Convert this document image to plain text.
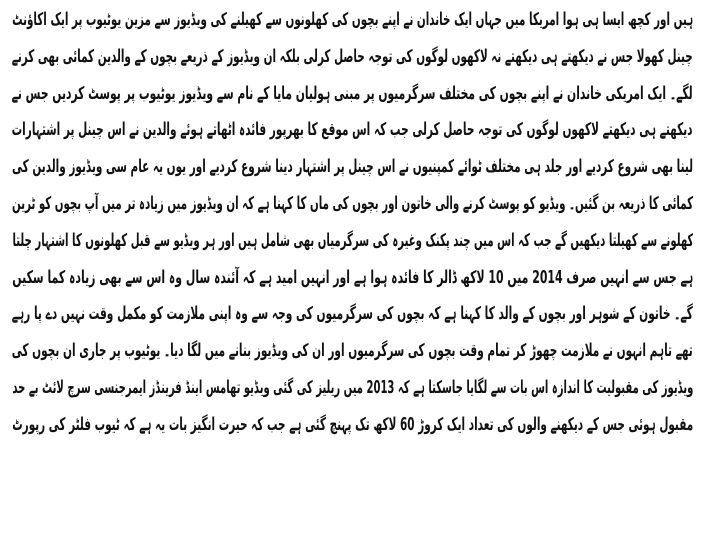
ہیں اور کچھ ایسا ہی ہوا امریکا میں جہاں ایک خاندان نے اپنے بچوں کی کھلونوں سے کھیلنے کی ویڈیوز سے مزین یوٹیوب پر ایک اکاؤنٹ
چینل کھولا جس نے دیکھتے ہی دیکھتے نہ لاکھوں لوگوں کی توجہ حاصل کرلی بلکہ ان ویڈیوز کے ذریعے بچوں کے والدین کمائی بھی کرنے
لگے۔ ایک امریکی خاندان نے اپنے بچوں کی مختلف سرگرمیوں پر مبنی ہولیان مایا کے نام سے ویڈیوز یوٹیوب پر پوسٹ کردیں جس نے
دیکھتے ہی دیکھتے لاکھوں لوگوں کی توجہ حاصل کرلی جب کہ اس موقع کا بھرپور فائدہ اٹھاتے ہوئے والدین نے اس چینل پر اشتہارات
لینا بھی شروع کردیے اور جلد ہی مختلف ٹوائے کمپنیوں نے اس چینل پر اشتہار دینا شروع کردیے اور یوں یہ عام سی ویڈیوز والدین کی
کمائی کا ذریعہ بن گئیں۔ ویڈیو کو پوسٹ کرنے والی خاتون اور بچوں کی ماں کا کہنا ہے کہ ان ویڈیوز میں زیادہ تر میں آپ بچوں کو ٹرین
کھلونے سے کھیلتا دیکھیں گے جب کہ اس میں چند پکنک وغیرہ کی سرگرمیاں بھی شامل ہیں اور ہر ویڈیو سے قبل کھلونوں کا اشتہار چلتا
ہے جس سے انہیں صرف 2014 میں 10 لاکھ ڈالر کا فائدہ ہوا ہے اور انہیں امید ہے کہ آئندہ سال وہ اس سے بھی زیادہ کما سکیں
گے۔ خاتون کے شوہر اور بچوں کے والد کا کہنا ہے کہ بچوں کی سرگرمیوں کی وجہ سے وہ اپنی ملازمت کو مکمل وقت نہیں دے پا رہے
تھے تاہم انہوں نے ملازمت چھوڑ کر تمام وقت بچوں کی سرگرمیوں اور ان کی ویڈیوز بنانے میں لگا دیا۔ یوٹیوب پر جاری ان بچوں کی
ویڈیوز کی مقبولیت کا اندازہ اس بات سے لگایا جاسکتا ہے کہ 2013 میں ریلیز کی گئی ویڈیو تھامس اینڈ فرینڈز ایمرجنسی سرچ لائٹ بے حد
مقبول ہوئی جس کے دیکھنے والوں کی تعداد ایک کروڑ 60 لاکھ تک پہنچ گئی ہے جب کہ حیرت انگیز بات یہ ہے کہ ٹیوب فلٹر کی رپورٹ
